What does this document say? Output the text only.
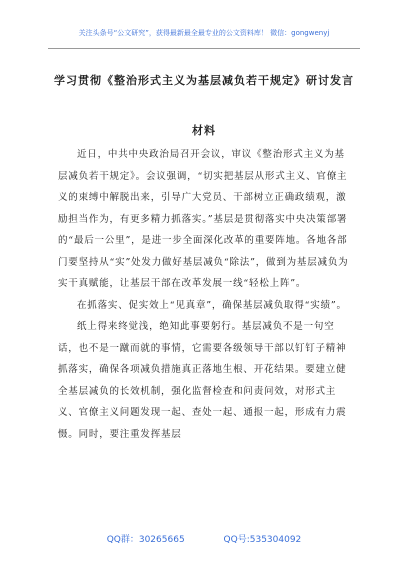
关注头条号“公文研究”，获得最新最全最专业的公文资料库！ 微信：gongwenyj
学习贯彻《整治形式主义为基层减负若干规定》研讨发言
材料

近日，中共中央政治局召开会议，审议《整治形式主义为基层减负若干规定》。会议强调，“切实把基层从形式主义、官僚主义的束缚中解脱出来，引导广大党员、干部树立正确政绩观，激励担当作为，有更多精力抓落实。”基层是贯彻落实中央决策部署的“最后一公里”，是进一步全面深化改革的重要阵地。各地各部门要坚持从“实”处发力做好基层减负“除法”，做到为基层减负为实干真赋能，让基层干部在改革发展一线“轻松上阵”。

在抓落实、促实效上“见真章”，确保基层减负取得“实绩”。

纸上得来终觉浅，绝知此事要躬行。基层减负不是一句空话，也不是一蹴而就的事情，它需要各级领导干部以钉钉子精神抓落实，确保各项减负措施真正落地生根、开花结果。要建立健全基层减负的长效机制，强化监督检查和问责问效，对形式主义、官僚主义问题发现一起、查处一起、通报一起，形成有力震慑。同时，要注重发挥基层

QQ群：30265665	QQ号:535304092
